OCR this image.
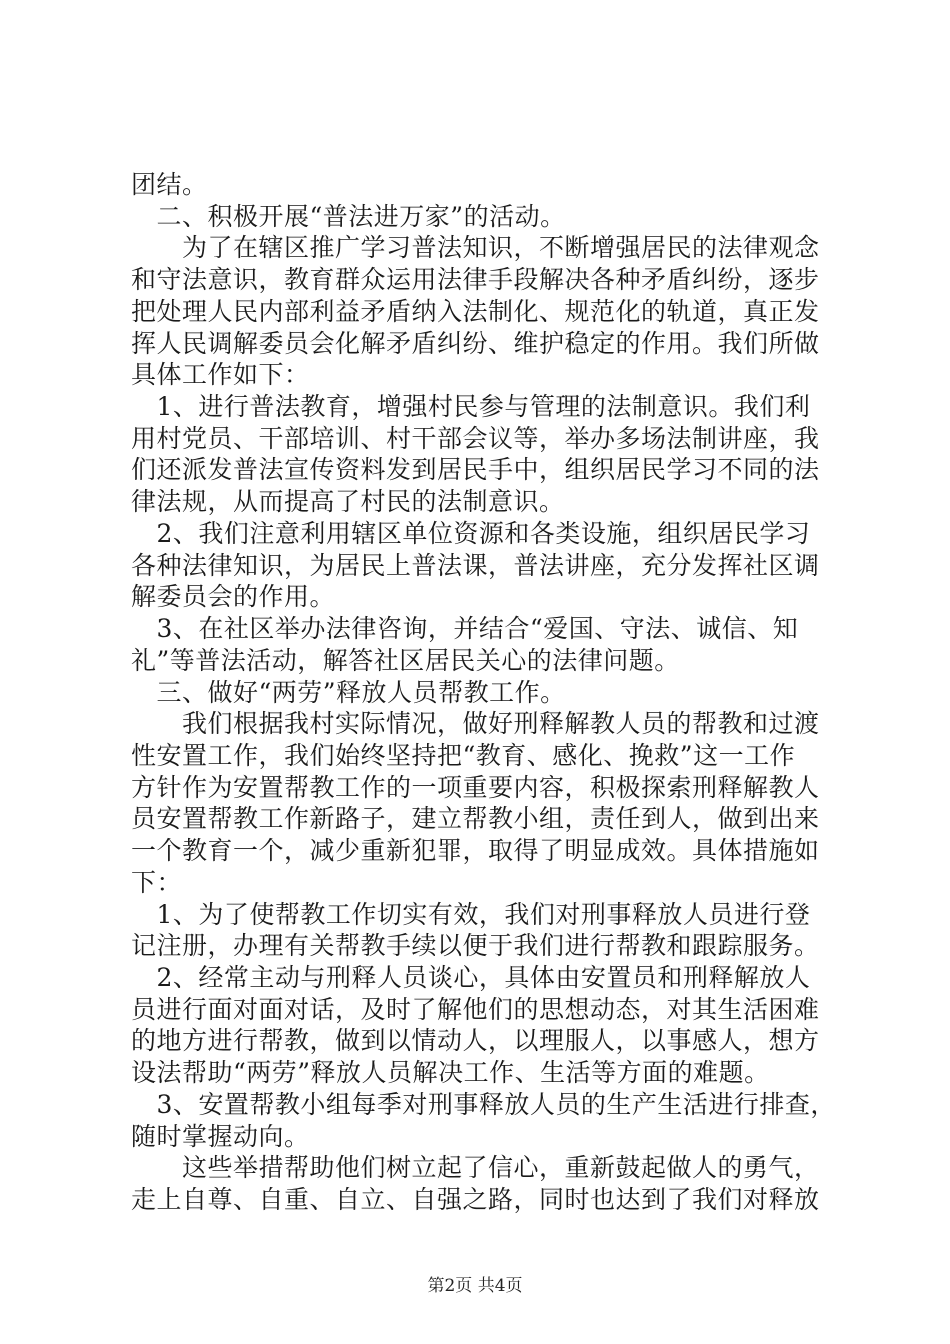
团结。
　二、积极开展“普法进万家”的活动。
　　为了在辖区推广学习普法知识，不断增强居民的法律观念
和守法意识，教育群众运用法律手段解决各种矛盾纠纷，逐步
把处理人民内部利益矛盾纳入法制化、规范化的轨道，真正发
挥人民调解委员会化解矛盾纠纷、维护稳定的作用。我们所做
具体工作如下：
　1、进行普法教育，增强村民参与管理的法制意识。我们利
用村党员、干部培训、村干部会议等，举办多场法制讲座，我
们还派发普法宣传资料发到居民手中，组织居民学习不同的法
律法规，从而提高了村民的法制意识。
　2、我们注意利用辖区单位资源和各类设施，组织居民学习
各种法律知识，为居民上普法课，普法讲座，充分发挥社区调
解委员会的作用。
　3、在社区举办法律咨询，并结合“爱国、守法、诚信、知
礼”等普法活动，解答社区居民关心的法律问题。
　三、做好“两劳”释放人员帮教工作。
　　我们根据我村实际情况，做好刑释解教人员的帮教和过渡
性安置工作，我们始终坚持把“教育、感化、挽救”这一工作
方针作为安置帮教工作的一项重要内容，积极探索刑释解教人
员安置帮教工作新路子，建立帮教小组，责任到人，做到出来
一个教育一个，减少重新犯罪，取得了明显成效。具体措施如
下：
　1、为了使帮教工作切实有效，我们对刑事释放人员进行登
记注册，办理有关帮教手续以便于我们进行帮教和跟踪服务。
　2、经常主动与刑释人员谈心，具体由安置员和刑释解放人
员进行面对面对话，及时了解他们的思想动态，对其生活困难
的地方进行帮教，做到以情动人，以理服人，以事感人，想方
设法帮助“两劳”释放人员解决工作、生活等方面的难题。
　3、安置帮教小组每季对刑事释放人员的生产生活进行排查，
随时掌握动向。
　　这些举措帮助他们树立起了信心，重新鼓起做人的勇气，
走上自尊、自重、自立、自强之路，同时也达到了我们对释放
第2页 共4页
